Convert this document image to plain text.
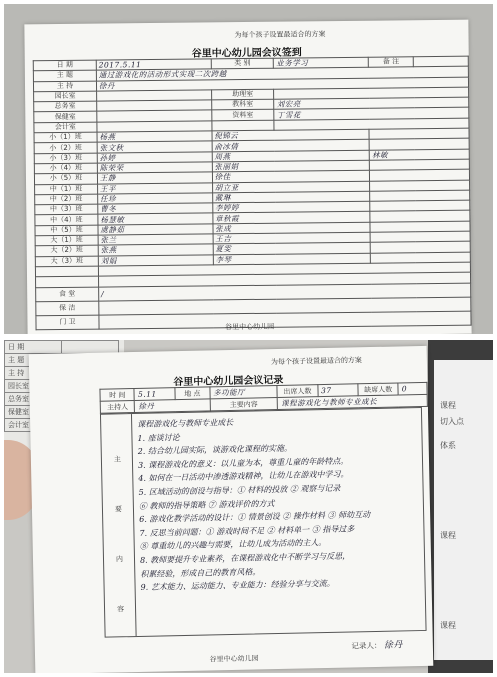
为每个孩子设置最适合的方案
谷里中心幼儿园会议签到
日 期	2017.5.11	类 别	业务学习	备 注	
主 题	通过游戏化的活动形式实现二次跨越				
主 持	徐丹				
园长室		助理室			
总务室		教科室	刘宏亮		
保健室		资料室	丁雪花		
会计室					
小（1）班	杨燕	倪锦云			
小（2）班	张文秋	俞冰倩			
小（3）班	孙婷	周燕		林敏	
小（4）班	陈荣荣	张丽娟			
小（5）班	王静	徐佳			
中（1）班	王平	胡立亚			
中（2）班	任珍	戴琳			
中（3）班	曹冬	李婷婷			
中（4）班	杨慧敏	章秋霞			
中（5）班	虞静茹	张成			
大（1）班	张兰	王吉			
大（2）班	张燕	夏雯			
大（3）班	刘娟	李琴			

食 堂	/				
保 洁					
门 卫					
谷里中心幼儿园
日 期	
主 题	
主 持	
园长室	
总务室	
保健室	
会计室	
课程
切入点
体系
课程
课程
为每个孩子设置最适合的方案
谷里中心幼儿园会议记录
时 间	5.11	地 点	多功能厅	出席人数	37	缺席人数	0
主持人	徐丹		主要内容	课程游戏化与教师专业成长			
主
要
内
容
课程游戏化与教师专业成长
1. 座谈讨论
2. 结合幼儿园实际，谈游戏化课程的实施。
3. 课程游戏化的意义：以儿童为本，尊重儿童的年龄特点。
4. 如何在一日活动中渗透游戏精神，让幼儿在游戏中学习。
5. 区域活动的创设与指导：① 材料的投放 ② 观察与记录
⑥ 教师的指导策略 ⑦ 游戏评价的方式
6. 游戏化教学活动的设计：① 情景创设 ② 操作材料 ③ 师幼互动
7. 反思当前问题：① 游戏时间不足 ② 材料单一 ③ 指导过多
⑧ 尊重幼儿的兴趣与需要，让幼儿成为活动的主人。
8. 教师要提升专业素养，在课程游戏化中不断学习与反思，
积累经验，形成自己的教育风格。
9. 艺术能力、运动能力、专业能力：经验分享与交流。
记录人： 徐丹
谷里中心幼儿园
